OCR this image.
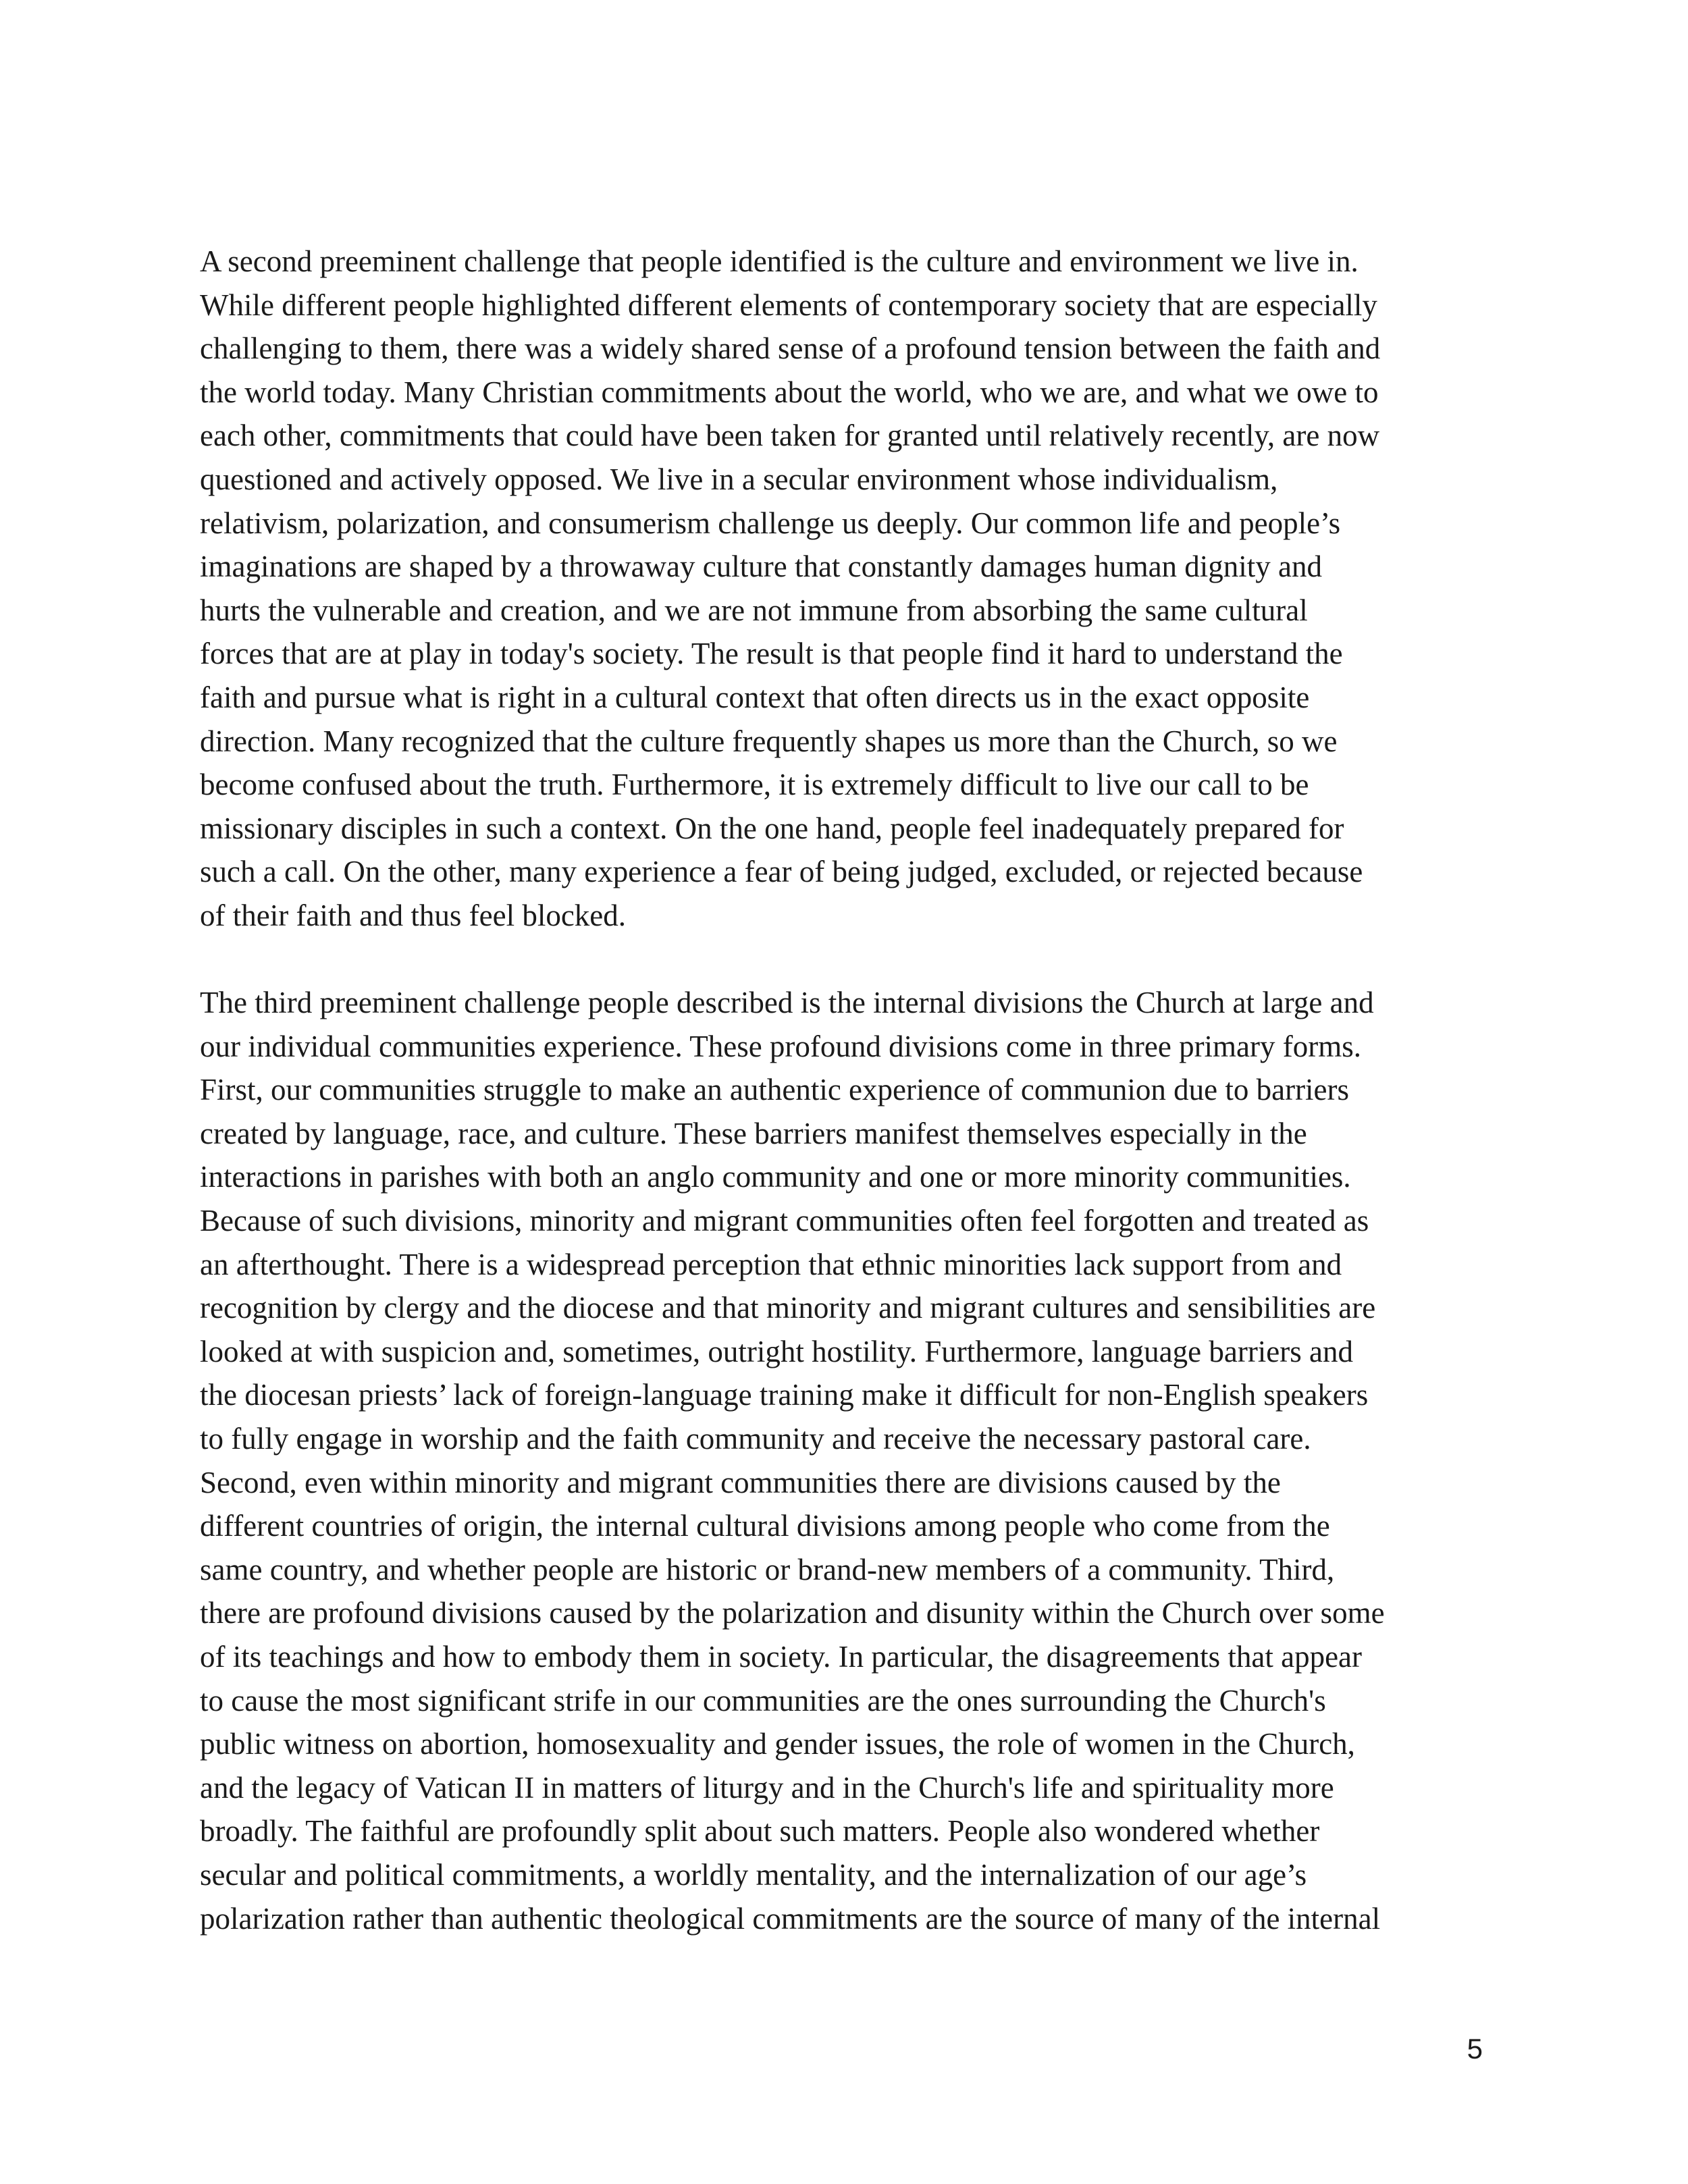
A second preeminent challenge that people identified is the culture and environment we live in.
While different people highlighted different elements of contemporary society that are especially
challenging to them, there was a widely shared sense of a profound tension between the faith and
the world today. Many Christian commitments about the world, who we are, and what we owe to
each other, commitments that could have been taken for granted until relatively recently, are now
questioned and actively opposed. We live in a secular environment whose individualism,
relativism, polarization, and consumerism challenge us deeply. Our common life and people’s
imaginations are shaped by a throwaway culture that constantly damages human dignity and
hurts the vulnerable and creation, and we are not immune from absorbing the same cultural
forces that are at play in today's society. The result is that people find it hard to understand the
faith and pursue what is right in a cultural context that often directs us in the exact opposite
direction. Many recognized that the culture frequently shapes us more than the Church, so we
become confused about the truth. Furthermore, it is extremely difficult to live our call to be
missionary disciples in such a context. On the one hand, people feel inadequately prepared for
such a call. On the other, many experience a fear of being judged, excluded, or rejected because
of their faith and thus feel blocked.
The third preeminent challenge people described is the internal divisions the Church at large and
our individual communities experience. These profound divisions come in three primary forms.
First, our communities struggle to make an authentic experience of communion due to barriers
created by language, race, and culture. These barriers manifest themselves especially in the
interactions in parishes with both an anglo community and one or more minority communities.
Because of such divisions, minority and migrant communities often feel forgotten and treated as
an afterthought. There is a widespread perception that ethnic minorities lack support from and
recognition by clergy and the diocese and that minority and migrant cultures and sensibilities are
looked at with suspicion and, sometimes, outright hostility. Furthermore, language barriers and
the diocesan priests’ lack of foreign-language training make it difficult for non-English speakers
to fully engage in worship and the faith community and receive the necessary pastoral care.
Second, even within minority and migrant communities there are divisions caused by the
different countries of origin, the internal cultural divisions among people who come from the
same country, and whether people are historic or brand-new members of a community. Third,
there are profound divisions caused by the polarization and disunity within the Church over some
of its teachings and how to embody them in society. In particular, the disagreements that appear
to cause the most significant strife in our communities are the ones surrounding the Church's
public witness on abortion, homosexuality and gender issues, the role of women in the Church,
and the legacy of Vatican II in matters of liturgy and in the Church's life and spirituality more
broadly. The faithful are profoundly split about such matters. People also wondered whether
secular and political commitments, a worldly mentality, and the internalization of our age’s
polarization rather than authentic theological commitments are the source of many of the internal
5
